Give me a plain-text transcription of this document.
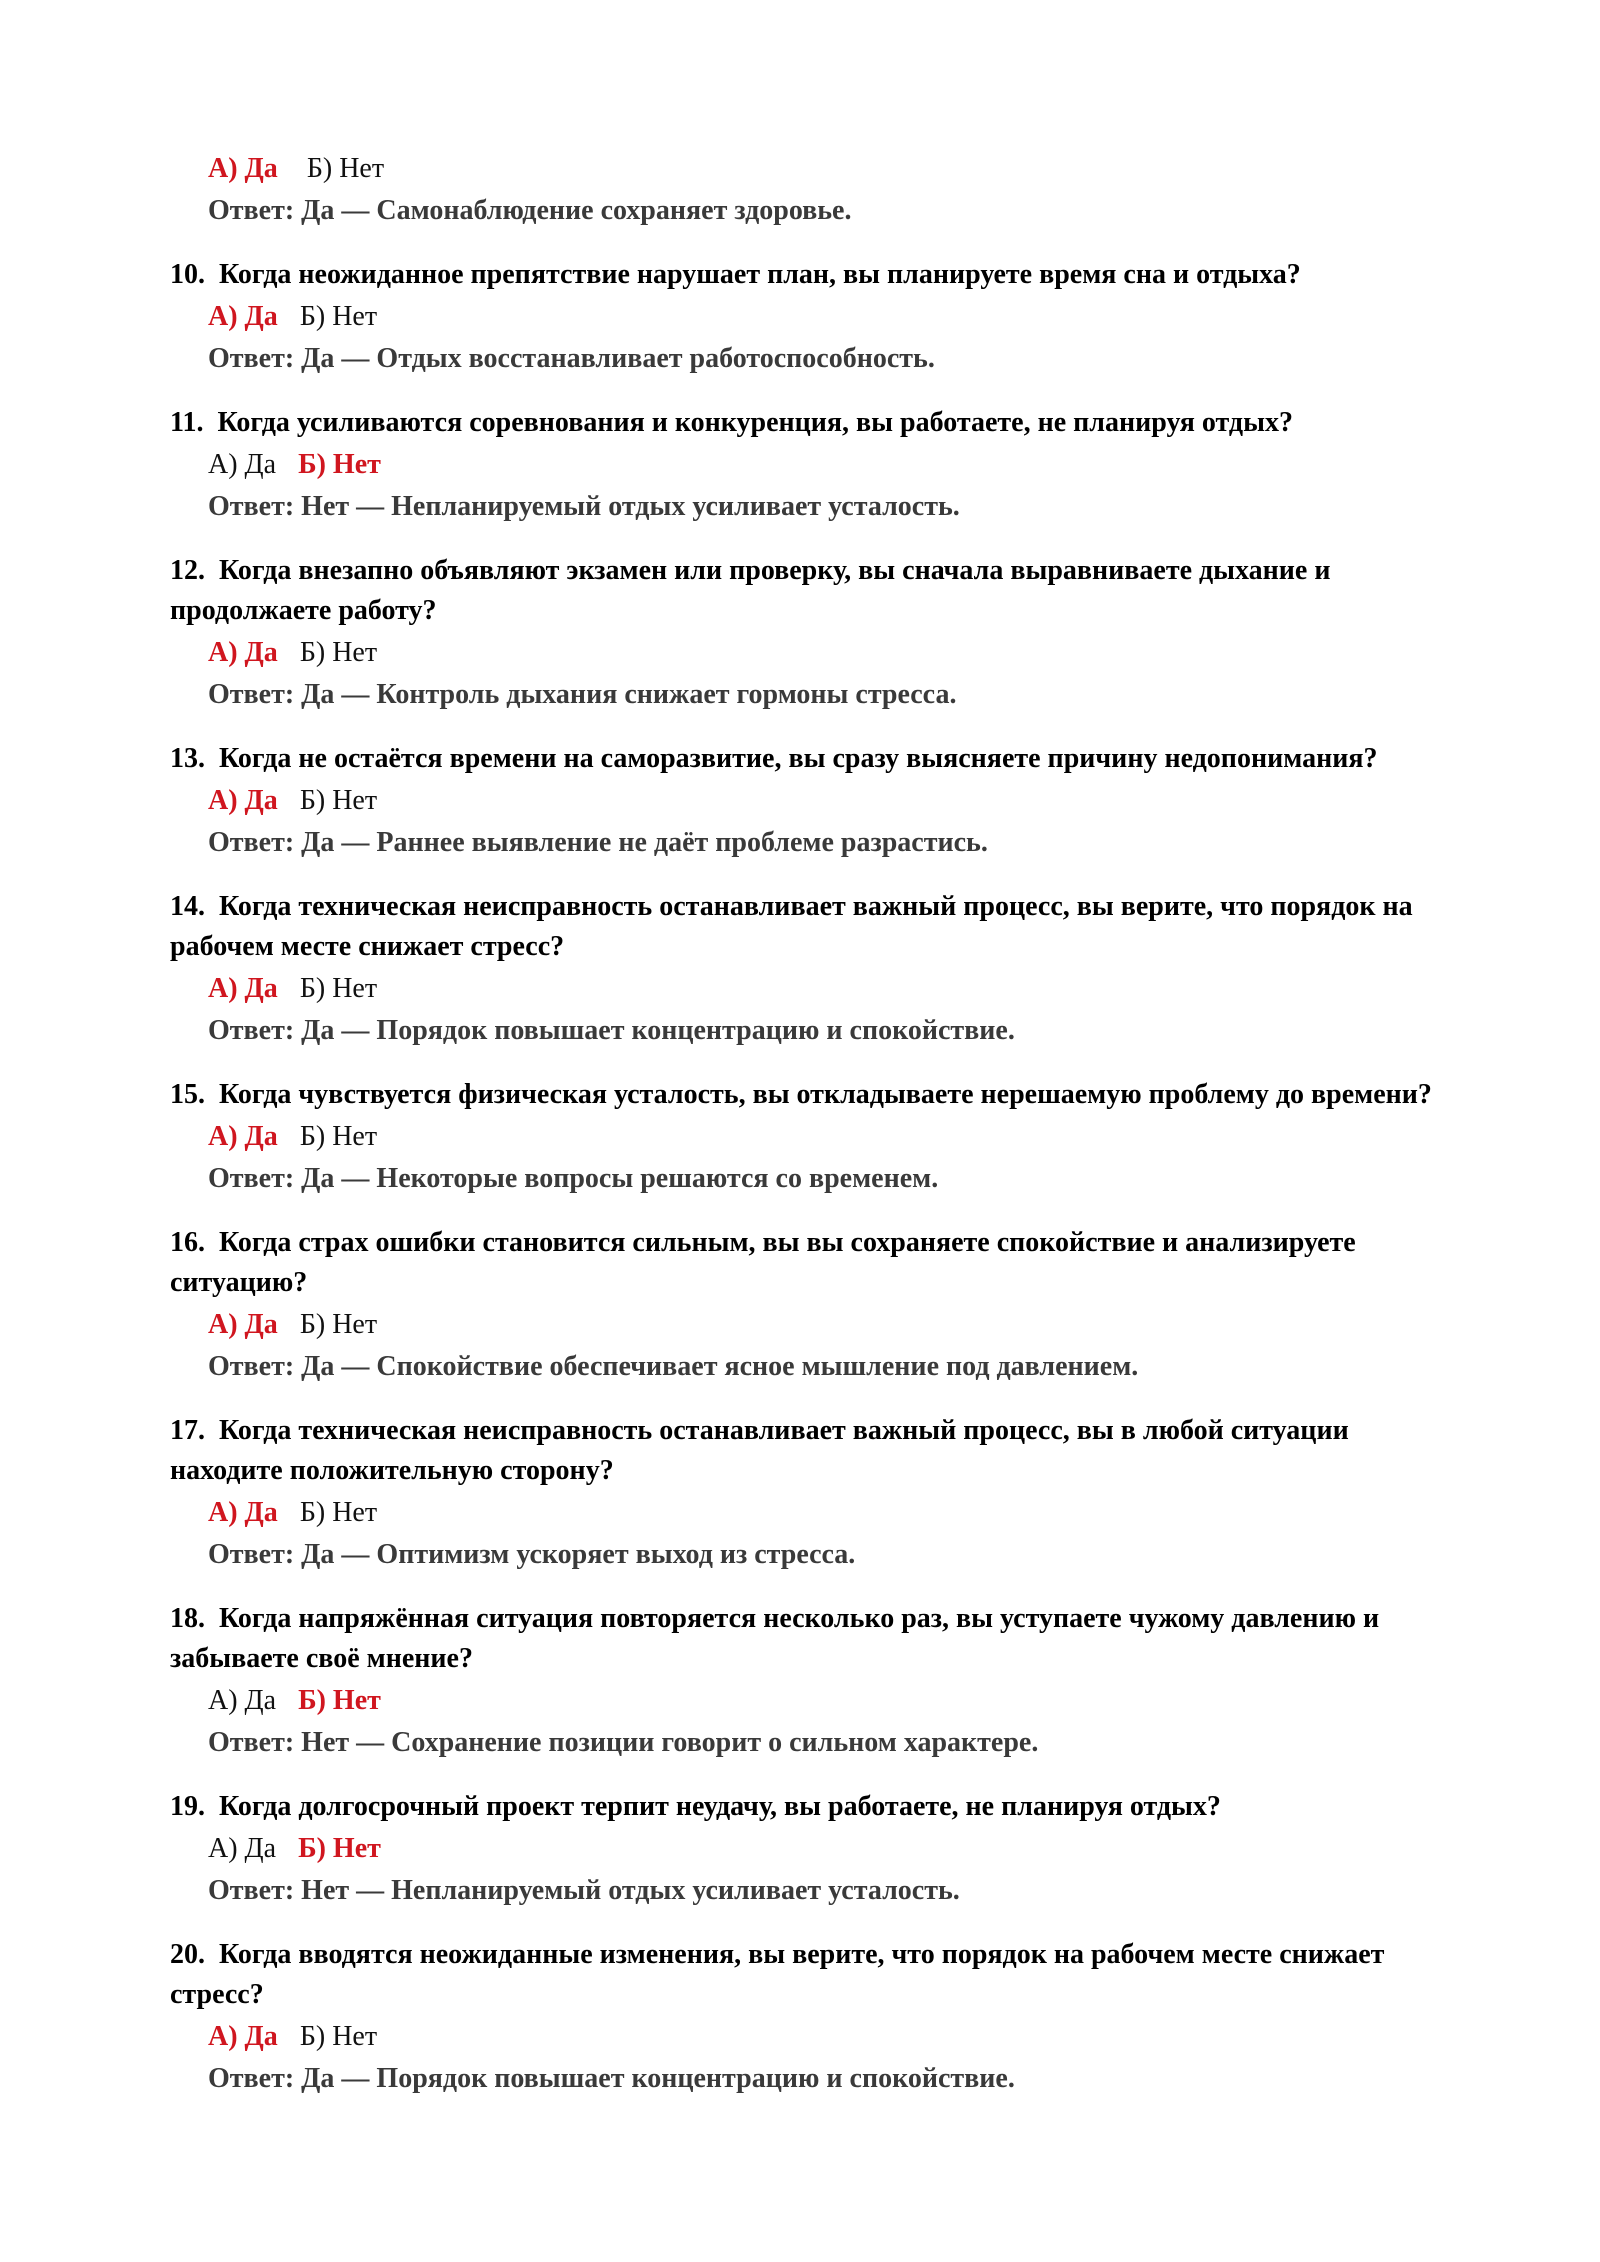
А) Да Б) Нет
Ответ: Да — Самонаблюдение сохраняет здоровье.
10. Когда неожиданное препятствие нарушает план, вы планируете время сна и отдыха?
А) Да Б) Нет
Ответ: Да — Отдых восстанавливает работоспособность.
11. Когда усиливаются соревнования и конкуренция, вы работаете, не планируя отдых?
А) Да Б) Нет
Ответ: Нет — Непланируемый отдых усиливает усталость.
12. Когда внезапно объявляют экзамен или проверку, вы сначала выравниваете дыхание и продолжаете работу?
А) Да Б) Нет
Ответ: Да — Контроль дыхания снижает гормоны стресса.
13. Когда не остаётся времени на саморазвитие, вы сразу выясняете причину недопонимания?
А) Да Б) Нет
Ответ: Да — Раннее выявление не даёт проблеме разрастись.
14. Когда техническая неисправность останавливает важный процесс, вы верите, что порядок на рабочем месте снижает стресс?
А) Да Б) Нет
Ответ: Да — Порядок повышает концентрацию и спокойствие.
15. Когда чувствуется физическая усталость, вы откладываете нерешаемую проблему до времени?
А) Да Б) Нет
Ответ: Да — Некоторые вопросы решаются со временем.
16. Когда страх ошибки становится сильным, вы вы сохраняете спокойствие и анализируете ситуацию?
А) Да Б) Нет
Ответ: Да — Спокойствие обеспечивает ясное мышление под давлением.
17. Когда техническая неисправность останавливает важный процесс, вы в любой ситуации находите положительную сторону?
А) Да Б) Нет
Ответ: Да — Оптимизм ускоряет выход из стресса.
18. Когда напряжённая ситуация повторяется несколько раз, вы уступаете чужому давлению и забываете своё мнение?
А) Да Б) Нет
Ответ: Нет — Сохранение позиции говорит о сильном характере.
19. Когда долгосрочный проект терпит неудачу, вы работаете, не планируя отдых?
А) Да Б) Нет
Ответ: Нет — Непланируемый отдых усиливает усталость.
20. Когда вводятся неожиданные изменения, вы верите, что порядок на рабочем месте снижает стресс?
А) Да Б) Нет
Ответ: Да — Порядок повышает концентрацию и спокойствие.
